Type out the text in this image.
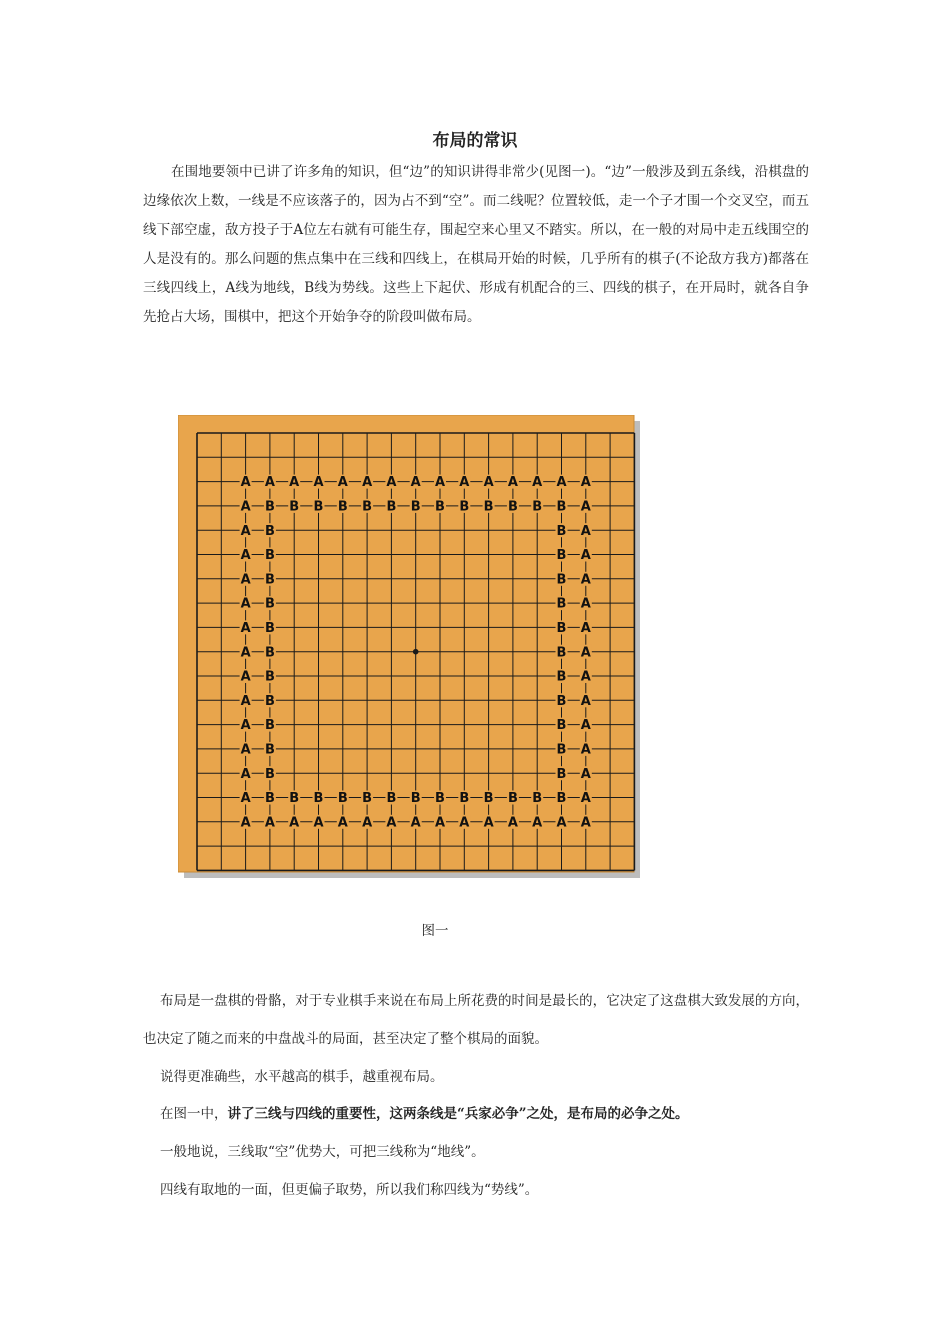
布局的常识

在围地要领中已讲了许多角的知识，但“边”的知识讲得非常少(见图一)。“边”一般涉及到五条线，沿棋盘的边缘依次上数，一线是不应该落子的，因为占不到“空”。而二线呢？位置较低，走一个子才围一个交叉空，而五线下部空虚，敌方投子于A位左右就有可能生存，围起空来心里又不踏实。所以，在一般的对局中走五线围空的人是没有的。那么问题的焦点集中在三线和四线上，在棋局开始的时候，几乎所有的棋子(不论敌方我方)都落在三线四线上，A线为地线，B线为势线。这些上下起伏、形成有机配合的三、四线的棋子，在开局时，就各自争先抢占大场，围棋中，把这个开始争夺的阶段叫做布局。

A
A
A
A
A
A
A
A
A
A
A
A
A
A
A
A
A
A
A
A
A
A
A
A
A
A
A
A
A
A
A	A
A	A
A	A
A	A
A	A
A	A
A	A
A	A
A	A
A	A
A	A
A	A
A	A
B
B
B
B
B
B
B
B
B
B
B
B
B
B
B
B
B
B
B
B
B
B
B
B
B
B
B	B
B	B
B	B
B	B
B	B
B	B
B	B
B	B
B	B
B	B
B	B
图一

布局是一盘棋的骨骼，对于专业棋手来说在布局上所花费的时间是最长的，它决定了这盘棋大致发展的方向，也决定了随之而来的中盘战斗的局面，甚至决定了整个棋局的面貌。

说得更准确些，水平越高的棋手，越重视布局。

在图一中，讲了三线与四线的重要性，这两条线是“兵家必争”之处，是布局的必争之处。

一般地说，三线取“空”优势大，可把三线称为“地线”。

四线有取地的一面，但更偏子取势，所以我们称四线为“势线”。
